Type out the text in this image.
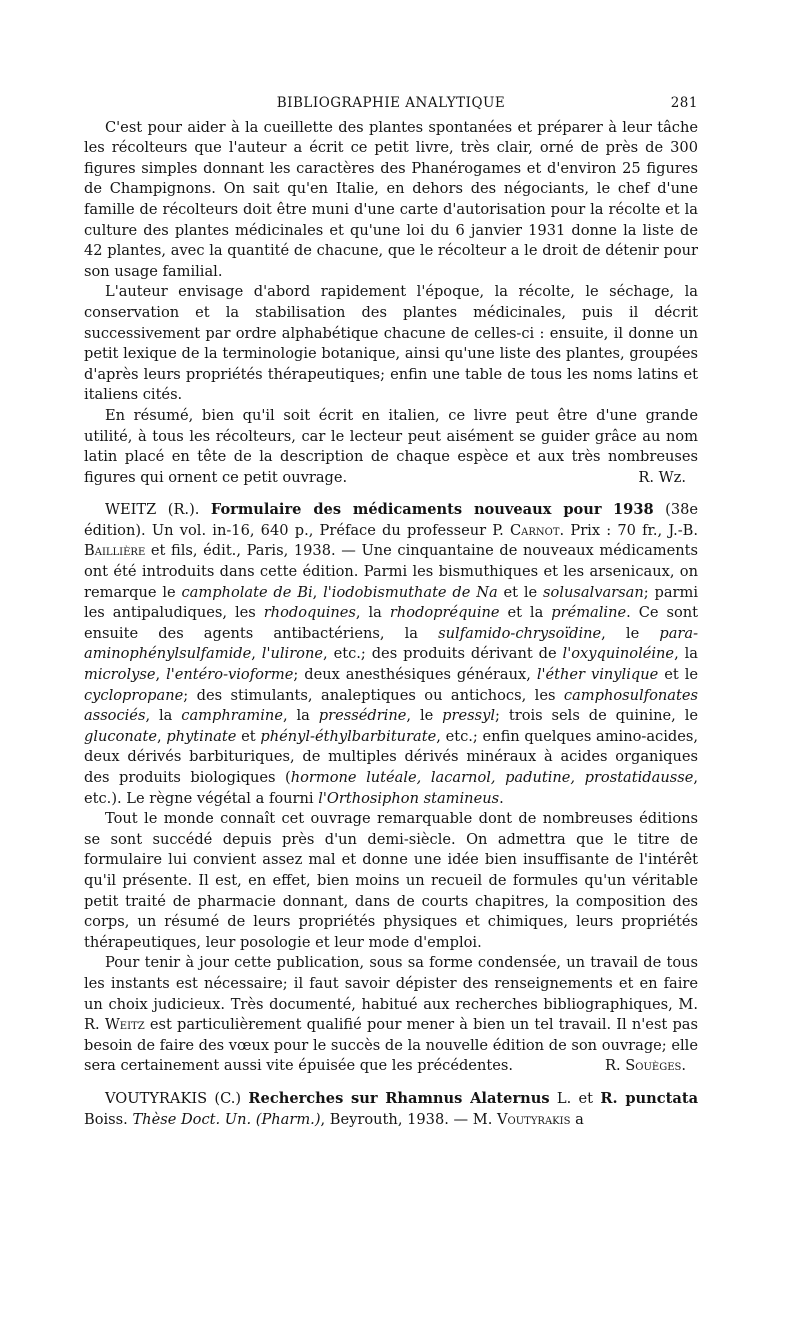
BIBLIOGRAPHIE ANALYTIQUE	281

C'est pour aider à la cueillette des plantes spontanées et préparer à leur tâche les récolteurs que l'auteur a écrit ce petit livre, très clair, orné de près de 300 figures simples donnant les caractères des Phanérogames et d'environ 25 figures de Champignons. On sait qu'en Italie, en dehors des négociants, le chef d'une famille de récolteurs doit être muni d'une carte d'autorisation pour la récolte et la culture des plantes médicinales et qu'une loi du 6 janvier 1931 donne la liste de 42 plantes, avec la quantité de chacune, que le récolteur a le droit de détenir pour son usage familial.

L'auteur envisage d'abord rapidement l'époque, la récolte, le séchage, la conservation et la stabilisation des plantes médicinales, puis il décrit successivement par ordre alphabétique chacune de celles-ci : ensuite, il donne un petit lexique de la terminologie botanique, ainsi qu'une liste des plantes, groupées d'après leurs propriétés thérapeutiques; enfin une table de tous les noms latins et italiens cités.

En résumé, bien qu'il soit écrit en italien, ce livre peut être d'une grande utilité, à tous les récolteurs, car le lecteur peut aisément se guider grâce au nom latin placé en tête de la description de chaque espèce et aux très nombreuses figures qui ornent ce petit ouvrage.	R. Wz.

WEITZ (R.). Formulaire des médicaments nouveaux pour 1938 (38e édition). Un vol. in-16, 640 p., Préface du professeur P. Carnot. Prix : 70 fr., J.-B. Baillière et fils, édit., Paris, 1938. — Une cinquantaine de nouveaux médicaments ont été introduits dans cette édition. Parmi les bismuthiques et les arsenicaux, on remarque le campholate de Bi, l'iodobismuthate de Na et le solusalvarsan; parmi les antipaludiques, les rhodoquines, la rhodopréquine et la prémaline. Ce sont ensuite des agents antibactériens, la sulfamido-chrysoïdine, le para-aminophénylsulfamide, l'ulirone, etc.; des produits dérivant de l'oxyquinoléine, la microlyse, l'entéro-vioforme; deux anesthésiques généraux, l'éther vinylique et le cyclopropane; des stimulants, analeptiques ou antichocs, les camphosulfonates associés, la camphramine, la pressédrine, le pressyl; trois sels de quinine, le gluconate, phytinate et phényl-éthylbarbiturate, etc.; enfin quelques amino-acides, deux dérivés barbituriques, de multiples dérivés minéraux à acides organiques des produits biologiques (hormone lutéale, lacarnol, padutine, prostatidausse, etc.). Le règne végétal a fourni l'Orthosiphon stamineus.

Tout le monde connaît cet ouvrage remarquable dont de nombreuses éditions se sont succédé depuis près d'un demi-siècle. On admettra que le titre de formulaire lui convient assez mal et donne une idée bien insuffisante de l'intérêt qu'il présente. Il est, en effet, bien moins un recueil de formules qu'un véritable petit traité de pharmacie donnant, dans de courts chapitres, la composition des corps, un résumé de leurs propriétés physiques et chimiques, leurs propriétés thérapeutiques, leur posologie et leur mode d'emploi.

Pour tenir à jour cette publication, sous sa forme condensée, un travail de tous les instants est nécessaire; il faut savoir dépister des renseignements et en faire un choix judicieux. Très documenté, habitué aux recherches bibliographiques, M. R. Weitz est particulièrement qualifié pour mener à bien un tel travail. Il n'est pas besoin de faire des vœux pour le succès de la nouvelle édition de son ouvrage; elle sera certainement aussi vite épuisée que les précédentes.	R. Souèges.

VOUTYRAKIS (C.) Recherches sur Rhamnus Alaternus L. et R. punctata Boiss. Thèse Doct. Un. (Pharm.), Beyrouth, 1938. — M. Voutyrakis a
